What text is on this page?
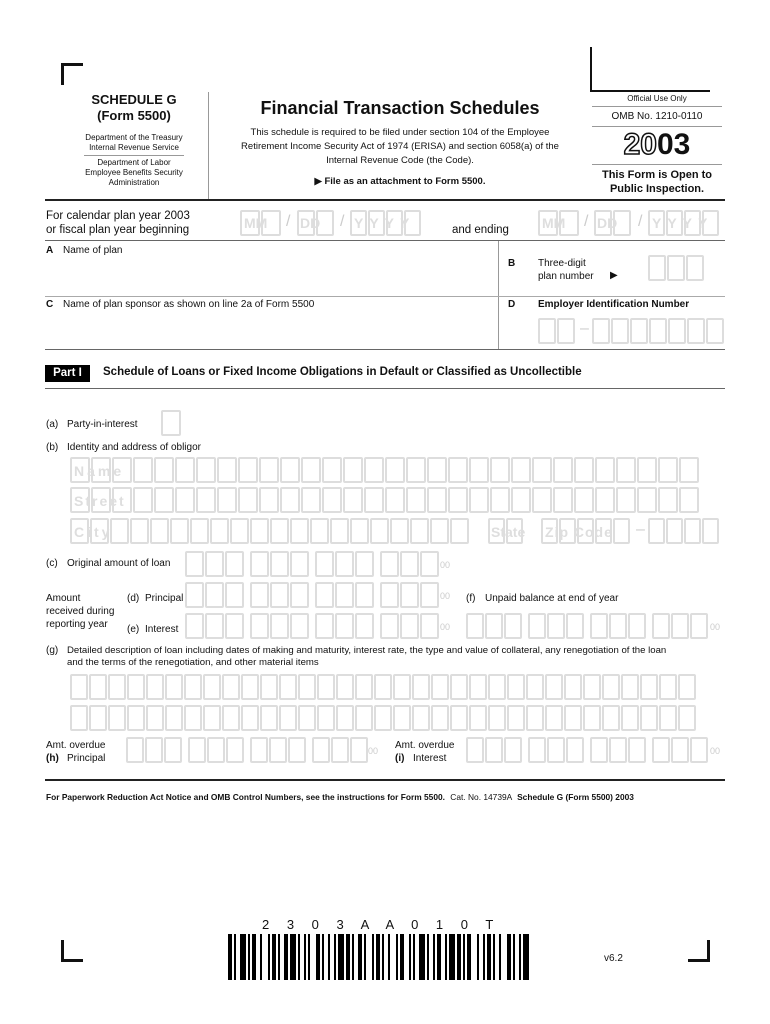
SCHEDULE G
(Form 5500)
Department of the Treasury
Internal Revenue Service
Department of Labor
Employee Benefits Security
Administration
Financial Transaction Schedules
This schedule is required to be filed under section 104 of the Employee
Retirement Income Security Act of 1974 (ERISA) and section 6058(a) of the
Internal Revenue Code (the Code).
▶ File as an attachment to Form 5500.
Official Use Only
OMB No. 1210-0110
2003
This Form is Open to
Public Inspection.
For calendar plan year 2003
or fiscal plan year beginning	MM / DD / YYYY	and ending MM / DD / YYYY
A Name of plan
B Three-digit
plan number ▶
C Name of plan sponsor as shown on line 2a of Form 5500	D Employer Identification Number
–
Part I	Schedule of Loans or Fixed Income Obligations in Default or Classified as Uncollectible
(a) Party-in-interest
(b) Identity and address of obligor
Name
Street
City	State Zip Code –
(c) Original amount of loan	00
Amount
received during
reporting year
(d) Principal	00
(e) Interest	00
(f) Unpaid balance at end of year
00
(g) Detailed description of loan including dates of making and maturity, interest rate, the type and value of collateral, any renegotiation of the loan
and the terms of the renegotiation, and other material items
Amt. overdue
(h) Principal
00 Amt. overdue
(i) Interest
00
For Paperwork Reduction Act Notice and OMB Control Numbers, see the instructions for Form 5500. Cat. No. 14739A Schedule G (Form 5500) 2003
2 3 0 3 A A 0 1 0 T
v6.2
